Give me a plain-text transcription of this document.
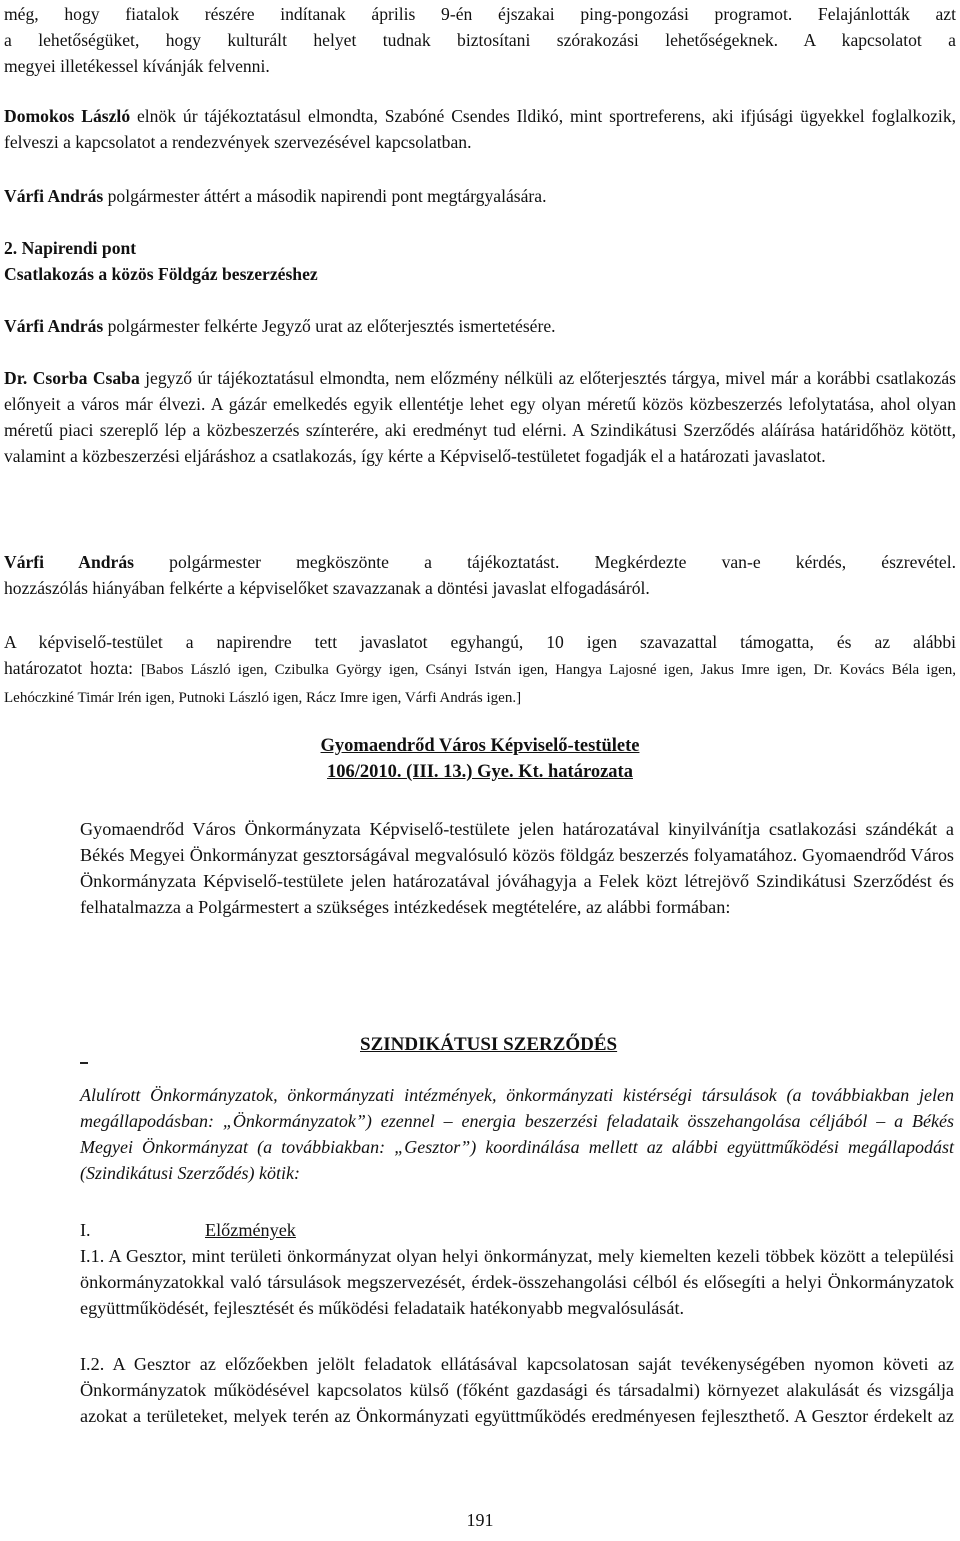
még, hogy fiatalok részére indítanak április 9-én éjszakai ping-pongozási programot. Felajánlották azt

a lehetőségüket, hogy kulturált helyet tudnak biztosítani szórakozási lehetőségeknek. A kapcsolatot a

megyei illetékessel kívánják felvenni.

Domokos László elnök úr tájékoztatásul elmondta, Szabóné Csendes Ildikó, mint sportreferens, aki ifjúsági ügyekkel foglalkozik, felveszi a kapcsolatot a rendezvények szervezésével kapcsolatban.

Várfi András polgármester áttért a második napirendi pont megtárgyalására.

2. Napirendi pont

Csatlakozás a közös Földgáz beszerzéshez

Várfi András polgármester felkérte Jegyző urat az előterjesztés ismertetésére.

Dr. Csorba Csaba jegyző úr tájékoztatásul elmondta, nem előzmény nélküli az előterjesztés tárgya, mivel már a korábbi csatlakozás előnyeit a város már élvezi. A gázár emelkedés egyik ellentétje lehet egy olyan méretű közös közbeszerzés lefolytatása, ahol olyan méretű piaci szereplő lép a közbeszerzés színterére, aki eredményt tud elérni. A Szindikátusi Szerződés aláírása határidőhöz kötött, valamint a közbeszerzési eljáráshoz a csatlakozás, így kérte a Képviselő-testületet fogadják el a határozati javaslatot.

Várfi András polgármester megköszönte a tájékoztatást. Megkérdezte van-e kérdés, észrevétel.

hozzászólás hiányában felkérte a képviselőket szavazzanak a döntési javaslat elfogadásáról.

A képviselő-testület a napirendre tett javaslatot egyhangú, 10 igen szavazattal támogatta, és az alábbi

határozatot hozta: [Babos László igen, Czibulka György igen, Csányi István igen, Hangya Lajosné igen, Jakus Imre igen, Dr. Kovács Béla igen, Lehóczkiné Timár Irén igen, Putnoki László igen, Rácz Imre igen, Várfi András igen.]

Gyomaendrőd Város Képviselő-testülete

106/2010. (III. 13.) Gye. Kt. határozata

Gyomaendrőd Város Önkormányzata Képviselő-testülete jelen határozatával kinyilvánítja csatlakozási szándékát a Békés Megyei Önkormányzat gesztorságával megvalósuló közös földgáz beszerzés folyamatához. Gyomaendrőd Város Önkormányzata Képviselő-testülete jelen határozatával jóváhagyja a Felek közt létrejövő Szindikátusi Szerződést és felhatalmazza a Polgármestert a szükséges intézkedések megtételére, az alábbi formában:

SZINDIKÁTUSI SZERZŐDÉS

Alulírott Önkormányzatok, önkormányzati intézmények, önkormányzati kistérségi társulások (a továbbiakban jelen megállapodásban: „Önkormányzatok”) ezennel – energia beszerzési feladataik összehangolása céljából – a Békés Megyei Önkormányzat (a továbbiakban: „Gesztor”) koordinálása mellett az alábbi együttműködési megállapodást (Szindikátusi Szerződés) kötik:

I.	Előzmények

I.1. A Gesztor, mint területi önkormányzat olyan helyi önkormányzat, mely kiemelten kezeli többek között a települési önkormányzatokkal való társulások megszervezését, érdek-összehangolási célból és elősegíti a helyi Önkormányzatok együttműködését, fejlesztését és működési feladataik hatékonyabb megvalósulását.

I.2. A Gesztor az előzőekben jelölt feladatok ellátásával kapcsolatosan saját tevékenységében nyomon követi az Önkormányzatok működésével kapcsolatos külső (főként gazdasági és társadalmi) környezet alakulását és vizsgálja azokat a területeket, melyek terén az Önkormányzati együttműködés eredményesen fejleszthető. A Gesztor érdekelt az

191
